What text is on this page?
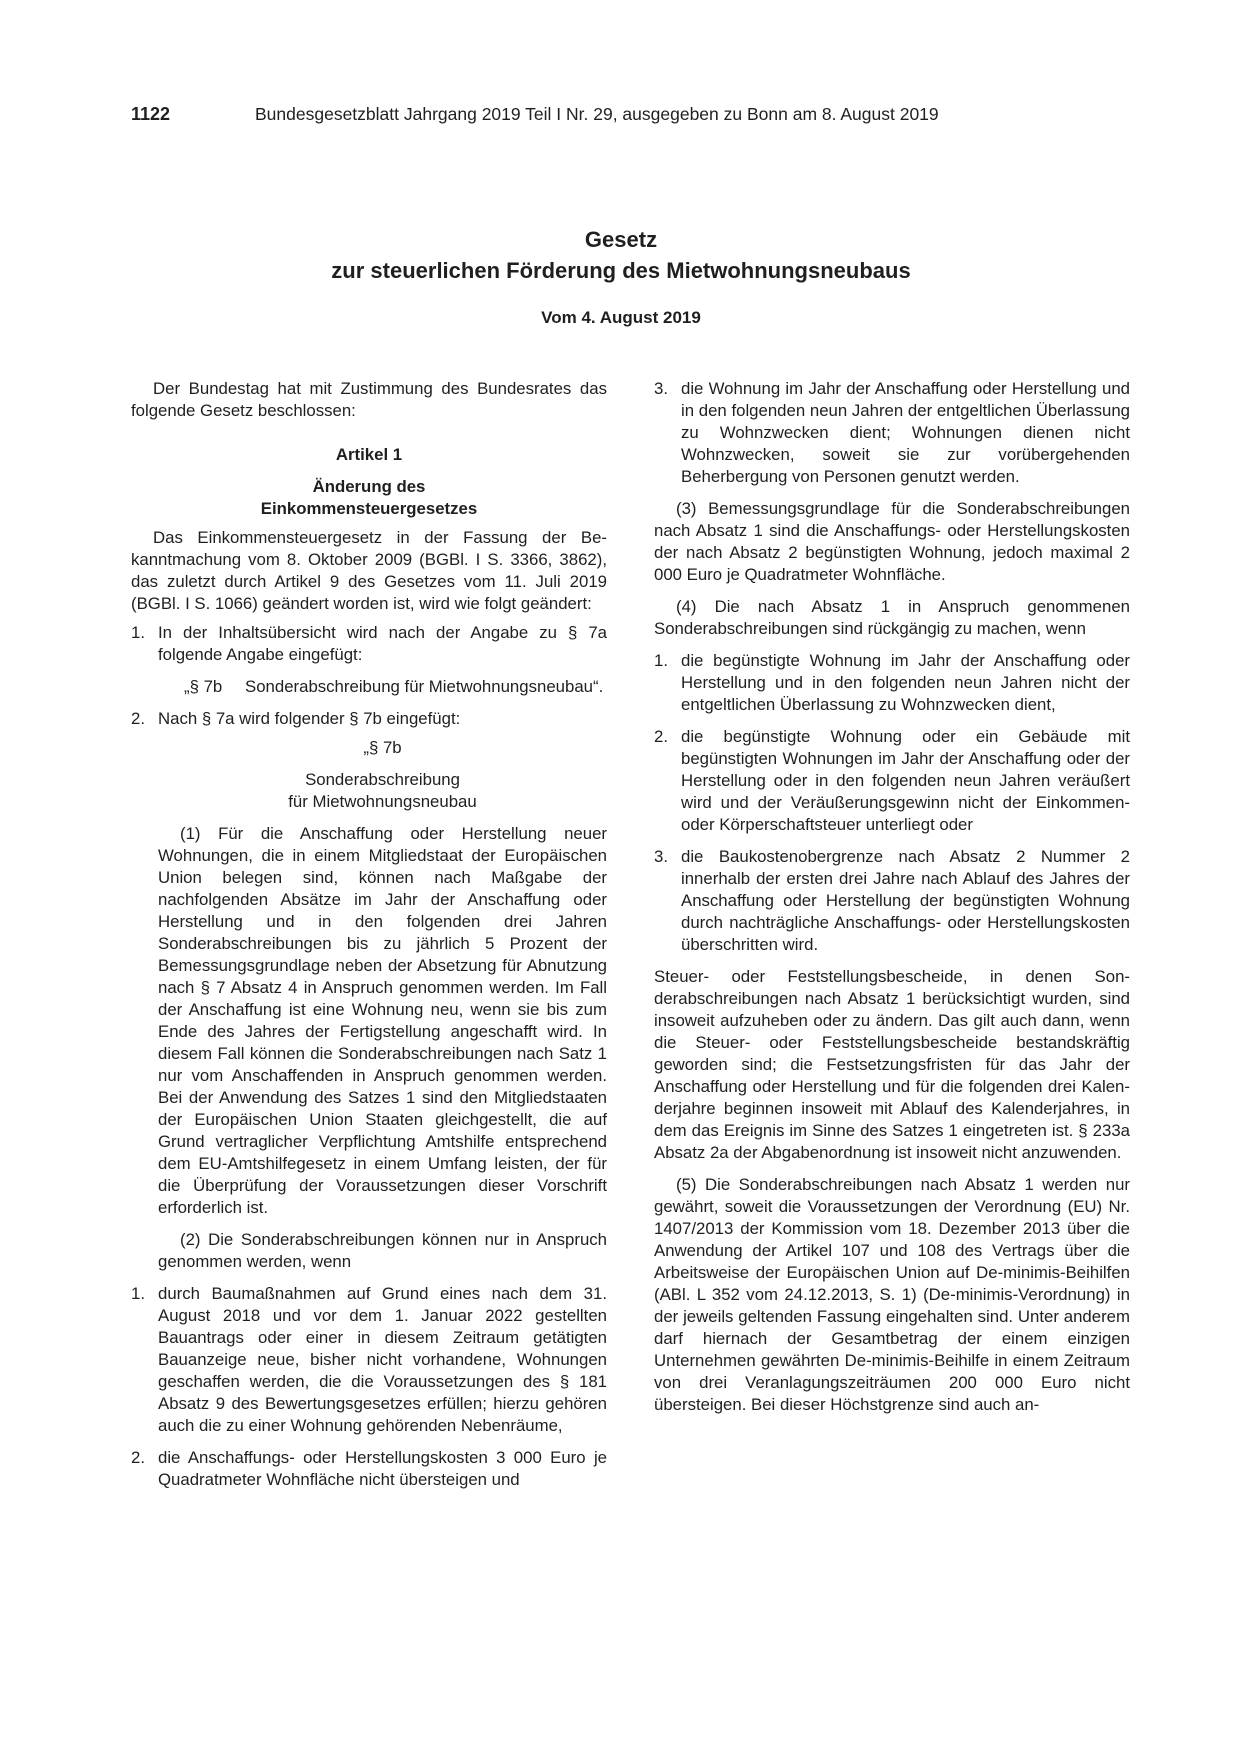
1122	Bundesgesetzblatt Jahrgang 2019 Teil I Nr. 29, ausgegeben zu Bonn am 8. August 2019
Gesetz
zur steuerlichen Förderung des Mietwohnungsneubaus
Vom 4. August 2019

Der Bundestag hat mit Zustimmung des Bundesrates das folgende Gesetz beschlossen:

Artikel 1

Änderung des

Einkommensteuergesetzes

Das Einkommensteuergesetz in der Fassung der Bekanntmachung vom 8. Oktober 2009 (BGBl. I S. 3366, 3862), das zuletzt durch Artikel 9 des Gesetzes vom 11. Juli 2019 (BGBl. I S. 1066) geändert worden ist, wird wie folgt geändert:

1. In der Inhaltsübersicht wird nach der Angabe zu § 7a folgende Angabe eingefügt:
„§ 7b	Sonderabschreibung für Mietwohnungsneubau“.
2. Nach § 7a wird folgender § 7b eingefügt:

„§ 7b

Sonderabschreibung

für Mietwohnungsneubau

(1) Für die Anschaffung oder Herstellung neuer Wohnungen, die in einem Mitgliedstaat der Europäischen Union belegen sind, können nach Maßgabe der nachfolgenden Absätze im Jahr der Anschaffung oder Herstellung und in den folgenden drei Jahren Sonderabschreibungen bis zu jährlich 5 Prozent der Bemessungsgrundlage neben der Absetzung für Abnutzung nach § 7 Absatz 4 in Anspruch genommen werden. Im Fall der Anschaffung ist eine Wohnung neu, wenn sie bis zum Ende des Jahres der Fertigstellung angeschafft wird. In diesem Fall können die Sonderabschreibungen nach Satz 1 nur vom Anschaffenden in Anspruch genommen werden. Bei der Anwendung des Satzes 1 sind den Mitgliedstaaten der Europäischen Union Staaten gleichgestellt, die auf Grund vertraglicher Verpflichtung Amtshilfe entsprechend dem EU-Amtshilfegesetz in einem Umfang leisten, der für die Überprüfung der Voraussetzungen dieser Vorschrift erforderlich ist.

(2) Die Sonderabschreibungen können nur in Anspruch genommen werden, wenn

1. durch Baumaßnahmen auf Grund eines nach dem 31. August 2018 und vor dem 1. Januar 2022 gestellten Bauantrags oder einer in diesem Zeitraum getätigten Bauanzeige neue, bisher nicht vorhandene, Wohnungen geschaffen werden, die die Voraussetzungen des § 181 Absatz 9 des Bewertungsgesetzes erfüllen; hierzu gehören auch die zu einer Wohnung gehörenden Nebenräume,
2. die Anschaffungs- oder Herstellungskosten 3 000 Euro je Quadratmeter Wohnfläche nicht übersteigen und
3. die Wohnung im Jahr der Anschaffung oder Herstellung und in den folgenden neun Jahren der entgeltlichen Überlassung zu Wohnzwecken dient; Wohnungen dienen nicht Wohnzwecken, soweit sie zur vorübergehenden Beherbergung von Personen genutzt werden.

(3) Bemessungsgrundlage für die Sonderabschreibungen nach Absatz 1 sind die Anschaffungs- oder Herstellungskosten der nach Absatz 2 begünstigten Wohnung, jedoch maximal 2 000 Euro je Quadratmeter Wohnfläche.

(4) Die nach Absatz 1 in Anspruch genommenen Sonderabschreibungen sind rückgängig zu machen, wenn

1. die begünstigte Wohnung im Jahr der Anschaffung oder Herstellung und in den folgenden neun Jahren nicht der entgeltlichen Überlassung zu Wohnzwecken dient,
2. die begünstigte Wohnung oder ein Gebäude mit begünstigten Wohnungen im Jahr der Anschaffung oder der Herstellung oder in den folgenden neun Jahren veräußert wird und der Veräußerungsgewinn nicht der Einkommen- oder Körperschaftsteuer unterliegt oder
3. die Baukostenobergrenze nach Absatz 2 Nummer 2 innerhalb der ersten drei Jahre nach Ablauf des Jahres der Anschaffung oder Herstellung der begünstigten Wohnung durch nachträgliche Anschaffungs- oder Herstellungskosten überschritten wird.

Steuer- oder Feststellungsbescheide, in denen Sonderabschreibungen nach Absatz 1 berücksichtigt wurden, sind insoweit aufzuheben oder zu ändern. Das gilt auch dann, wenn die Steuer- oder Feststellungsbescheide bestandskräftig geworden sind; die Festsetzungsfristen für das Jahr der Anschaffung oder Herstellung und für die folgenden drei Kalenderjahre beginnen insoweit mit Ablauf des Kalenderjahres, in dem das Ereignis im Sinne des Satzes 1 eingetreten ist. § 233a Absatz 2a der Abgabenordnung ist insoweit nicht anzuwenden.

(5) Die Sonderabschreibungen nach Absatz 1 werden nur gewährt, soweit die Voraussetzungen der Verordnung (EU) Nr. 1407/2013 der Kommission vom 18. Dezember 2013 über die Anwendung der Artikel 107 und 108 des Vertrags über die Arbeitsweise der Europäischen Union auf De-minimis-Beihilfen (ABl. L 352 vom 24.12.2013, S. 1) (De-minimis-Verordnung) in der jeweils geltenden Fassung eingehalten sind. Unter anderem darf hiernach der Gesamtbetrag der einem einzigen Unternehmen gewährten De-minimis-Beihilfe in einem Zeitraum von drei Veranlagungszeiträumen 200 000 Euro nicht übersteigen. Bei dieser Höchstgrenze sind auch an-
